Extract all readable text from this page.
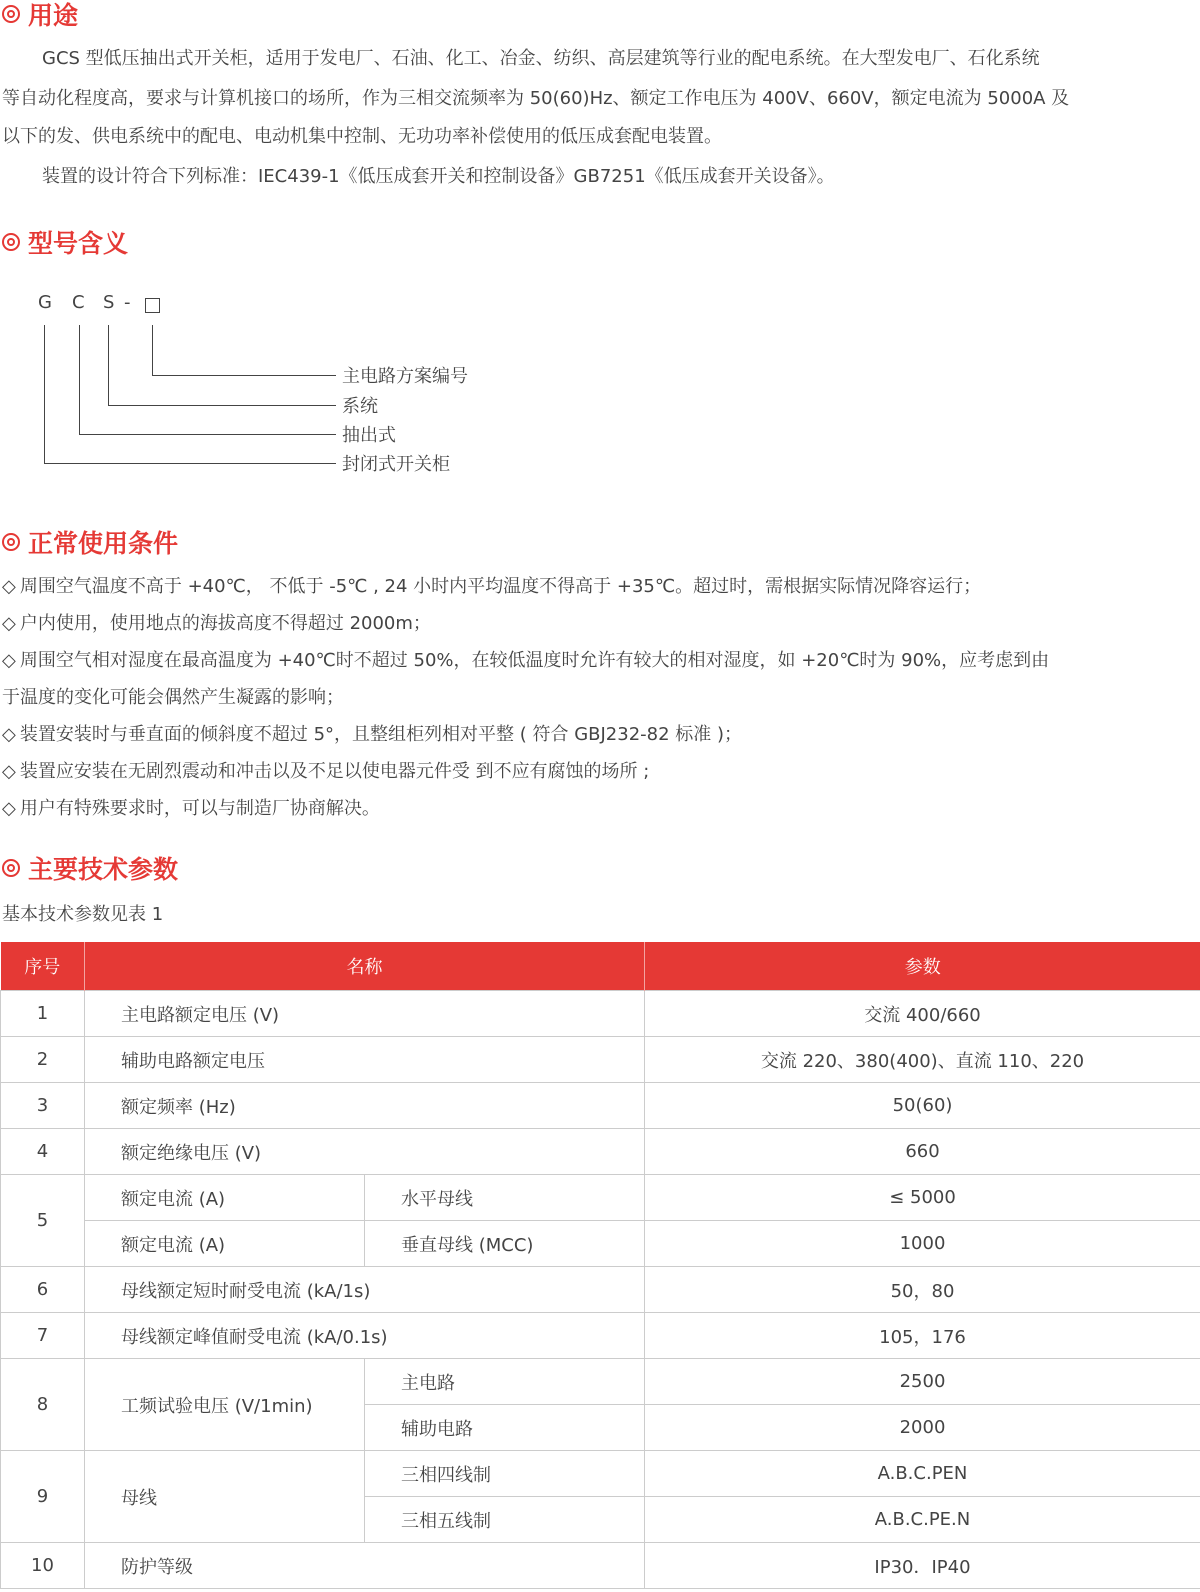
用途

GCS 型低压抽出式开关柜，适用于发电厂、石油、化工、冶金、纺织、高层建筑等行业的配电系统。在大型发电厂、石化系统

等自动化程度高，要求与计算机接口的场所，作为三相交流频率为 50(60)Hz、额定工作电压为 400V、660V，额定电流为 5000A 及

以下的发、供电系统中的配电、电动机集中控制、无功功率补偿使用的低压成套配电装置。

装置的设计符合下列标准：IEC439-1《低压成套开关和控制设备》GB7251《低压成套开关设备》。

型号含义
G C S -
主电路方案编号
系统
抽出式
封闭式开关柜
正常使用条件
◇ 周围空气温度不高于 +40℃， 不低于 -5℃ , 24 小时内平均温度不得高于 +35℃。超过时，需根据实际情况降容运行；
◇ 户内使用，使用地点的海拔高度不得超过 2000m；
◇ 周围空气相对湿度在最高温度为 +40℃时不超过 50%，在较低温度时允许有较大的相对湿度，如 +20℃时为 90%，应考虑到由
于温度的变化可能会偶然产生凝露的影响；
◇ 装置安装时与垂直面的倾斜度不超过 5°，且整组柜列相对平整 ( 符合 GBJ232-82 标准 )；
◇ 装置应安装在无剧烈震动和冲击以及不足以使电器元件受 到不应有腐蚀的场所 ;
◇ 用户有特殊要求时，可以与制造厂协商解决。
主要技术参数
基本技术参数见表 1
序号	名称		参数
1	主电路额定电压 (V)		交流 400/660
2	辅助电路额定电压		交流 220、380(400)、直流 110、220
3	额定频率 (Hz)		50(60)
4	额定绝缘电压 (V)		660
5	额定电流 (A)	水平母线	≤ 5000
	额定电流 (A)	垂直母线 (MCC)	1000
6	母线额定短时耐受电流 (kA/1s)		50，80
7	母线额定峰值耐受电流 (kA/0.1s)		105，176
8	工频试验电压 (V/1min)	主电路	2500
		辅助电路	2000
9	母线	三相四线制	A.B.C.PEN
		三相五线制	A.B.C.PE.N
10	防护等级		IP30．IP40
